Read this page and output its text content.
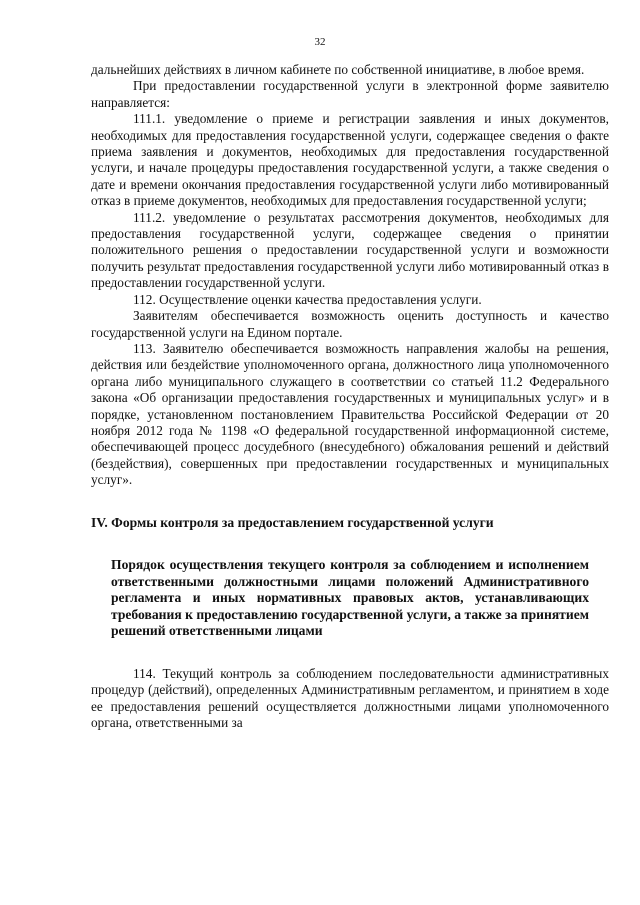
32

дальнейших действиях в личном кабинете по собственной инициативе, в любое время.

При предоставлении государственной услуги в электронной форме заявителю направляется:

111.1. уведомление о приеме и регистрации заявления и иных документов, необходимых для предоставления государственной услуги, содержащее сведения о факте приема заявления и документов, необходимых для предоставления государственной услуги, и начале процедуры предоставления государственной услуги, а также сведения о дате и времени окончания предоставления государственной услуги либо мотивированный отказ в приеме документов, необходимых для предоставления государственной услуги;

111.2. уведомление о результатах рассмотрения документов, необходимых для предоставления государственной услуги, содержащее сведения о принятии положительного решения о предоставлении государственной услуги и возможности получить результат предоставления государственной услуги либо мотивированный отказ в предоставлении государственной услуги.

112. Осуществление оценки качества предоставления услуги.

Заявителям обеспечивается возможность оценить доступность и качество государственной услуги на Едином портале.

113. Заявителю обеспечивается возможность направления жалобы на решения, действия или бездействие уполномоченного органа, должностного лица уполномоченного органа либо муниципального служащего в соответствии со статьей 11.2 Федерального закона «Об организации предоставления государственных и муниципальных услуг» и в порядке, установленном постановлением Правительства Российской Федерации от 20 ноября 2012 года № 1198 «О федеральной государственной информационной системе, обеспечивающей процесс досудебного (внесудебного) обжалования решений и действий (бездействия), совершенных при предоставлении государственных и муниципальных услуг».

IV. Формы контроля за предоставлением государственной услуги

Порядок осуществления текущего контроля за соблюдением и исполнением ответственными должностными лицами положений Административного регламента и иных нормативных правовых актов, устанавливающих требования к предоставлению государственной услуги, а также за принятием решений ответственными лицами

114. Текущий контроль за соблюдением последовательности административных процедур (действий), определенных Административным регламентом, и принятием в ходе ее предоставления решений осуществляется должностными лицами уполномоченного органа, ответственными за
